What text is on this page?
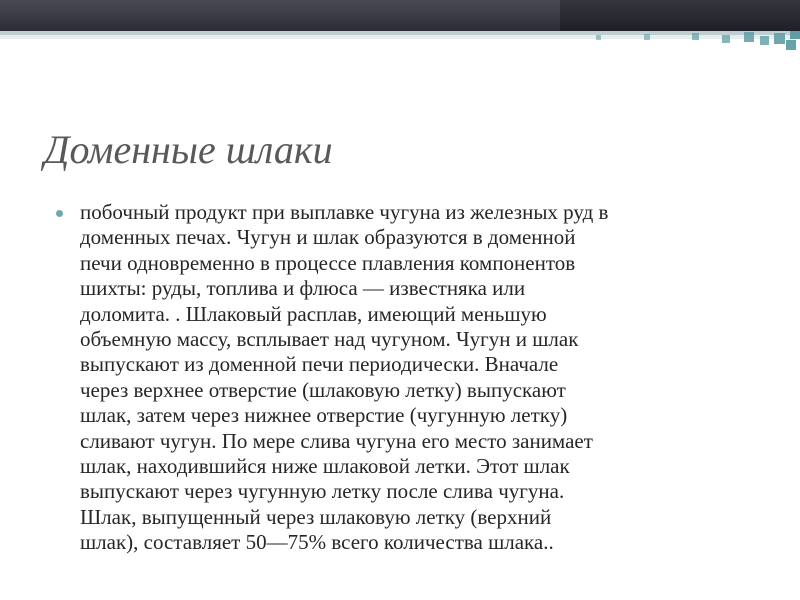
Доменные шлаки
побочный продукт при выплавке чугуна из железных руд в
доменных печах. Чугун и шлак образуются в доменной
печи одновременно в процессе плавления компонентов
шихты: руды, топлива и флюса — известняка или
доломита. . Шлаковый расплав, имеющий меньшую
объемную массу, всплывает над чугуном. Чугун и шлак
выпускают из доменной печи периодически. Вначале
через верхнее отверстие (шлаковую летку) выпускают
шлак, затем через нижнее отверстие (чугунную летку)
сливают чугун. По мере слива чугуна его место занимает
шлак, находившийся ниже шлаковой летки. Этот шлак
выпускают через чугунную летку после слива чугуна.
Шлак, выпущенный через шлаковую летку (верхний
шлак), составляет 50—75% всего количества шлака..
